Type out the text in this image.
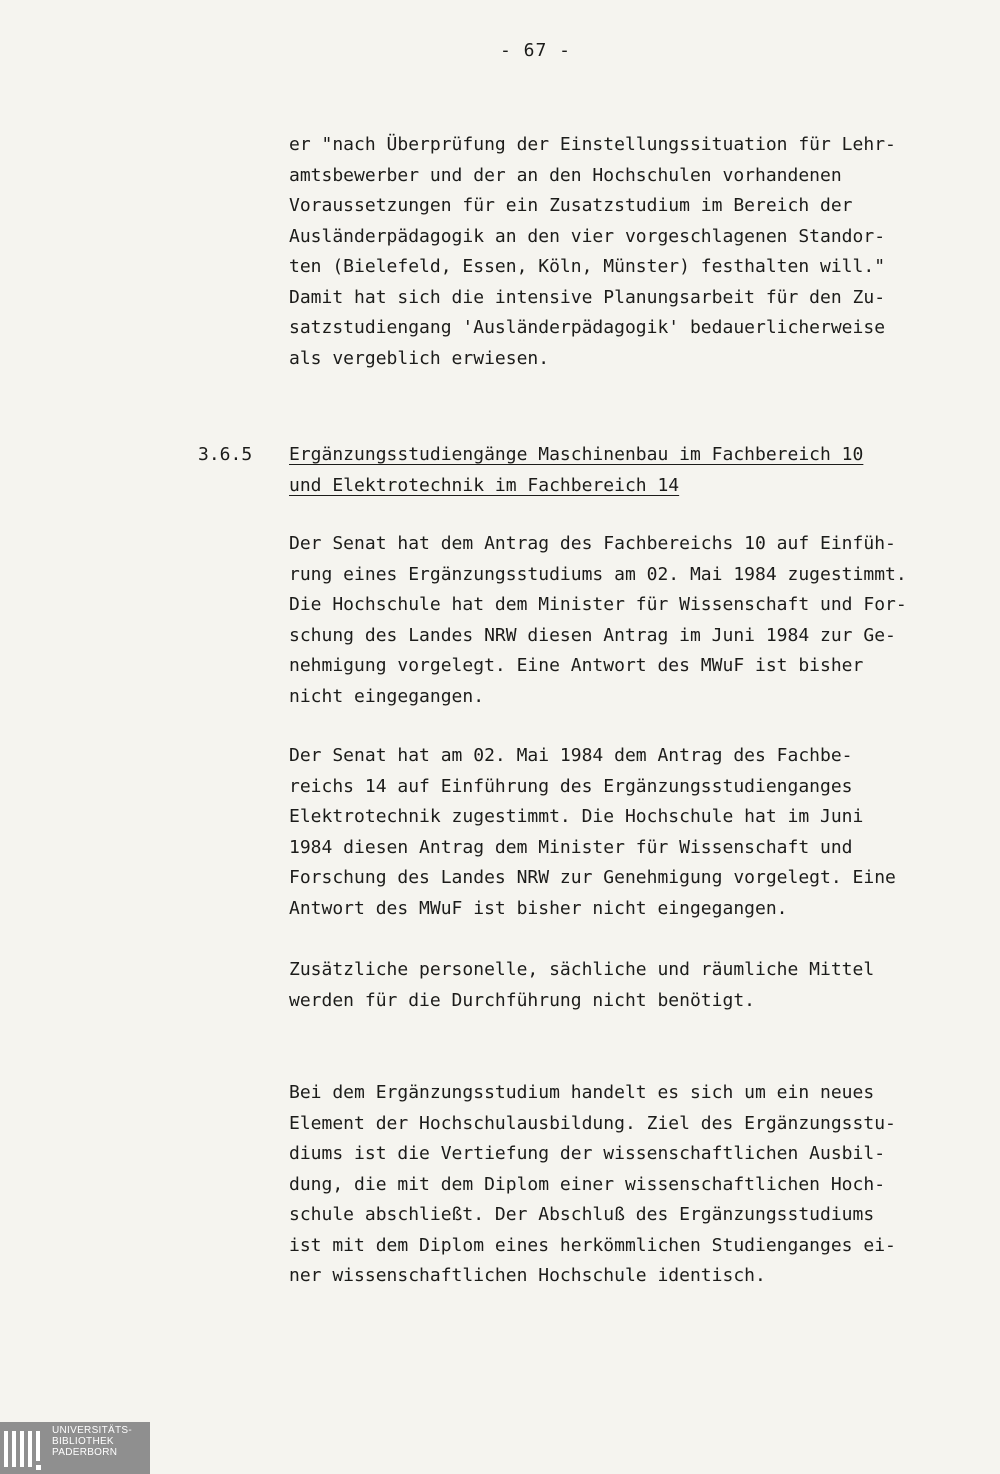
- 67 -
er "nach Überprüfung der Einstellungssituation für Lehr-
amtsbewerber und der an den Hochschulen vorhandenen
Voraussetzungen für ein Zusatzstudium im Bereich der
Ausländerpädagogik an den vier vorgeschlagenen Standor-
ten (Bielefeld, Essen, Köln, Münster) festhalten will."
Damit hat sich die intensive Planungsarbeit für den Zu-
satzstudiengang 'Ausländerpädagogik' bedauerlicherweise
als vergeblich erwiesen.
3.6.5 Ergänzungsstudiengänge Maschinenbau im Fachbereich 10
und Elektrotechnik im Fachbereich 14
Der Senat hat dem Antrag des Fachbereichs 10 auf Einfüh-
rung eines Ergänzungsstudiums am 02. Mai 1984 zugestimmt.
Die Hochschule hat dem Minister für Wissenschaft und For-
schung des Landes NRW diesen Antrag im Juni 1984 zur Ge-
nehmigung vorgelegt. Eine Antwort des MWuF ist bisher
nicht eingegangen.
Der Senat hat am 02. Mai 1984 dem Antrag des Fachbe-
reichs 14 auf Einführung des Ergänzungsstudienganges
Elektrotechnik zugestimmt. Die Hochschule hat im Juni
1984 diesen Antrag dem Minister für Wissenschaft und
Forschung des Landes NRW zur Genehmigung vorgelegt. Eine
Antwort des MWuF ist bisher nicht eingegangen.
Zusätzliche personelle, sächliche und räumliche Mittel
werden für die Durchführung nicht benötigt.
Bei dem Ergänzungsstudium handelt es sich um ein neues
Element der Hochschulausbildung. Ziel des Ergänzungsstu-
diums ist die Vertiefung der wissenschaftlichen Ausbil-
dung, die mit dem Diplom einer wissenschaftlichen Hoch-
schule abschließt. Der Abschluß des Ergänzungsstudiums
ist mit dem Diplom eines herkömmlichen Studienganges ei-
ner wissenschaftlichen Hochschule identisch.
UNIVERSITÄTS-
BIBLIOTHEK
PADERBORN
